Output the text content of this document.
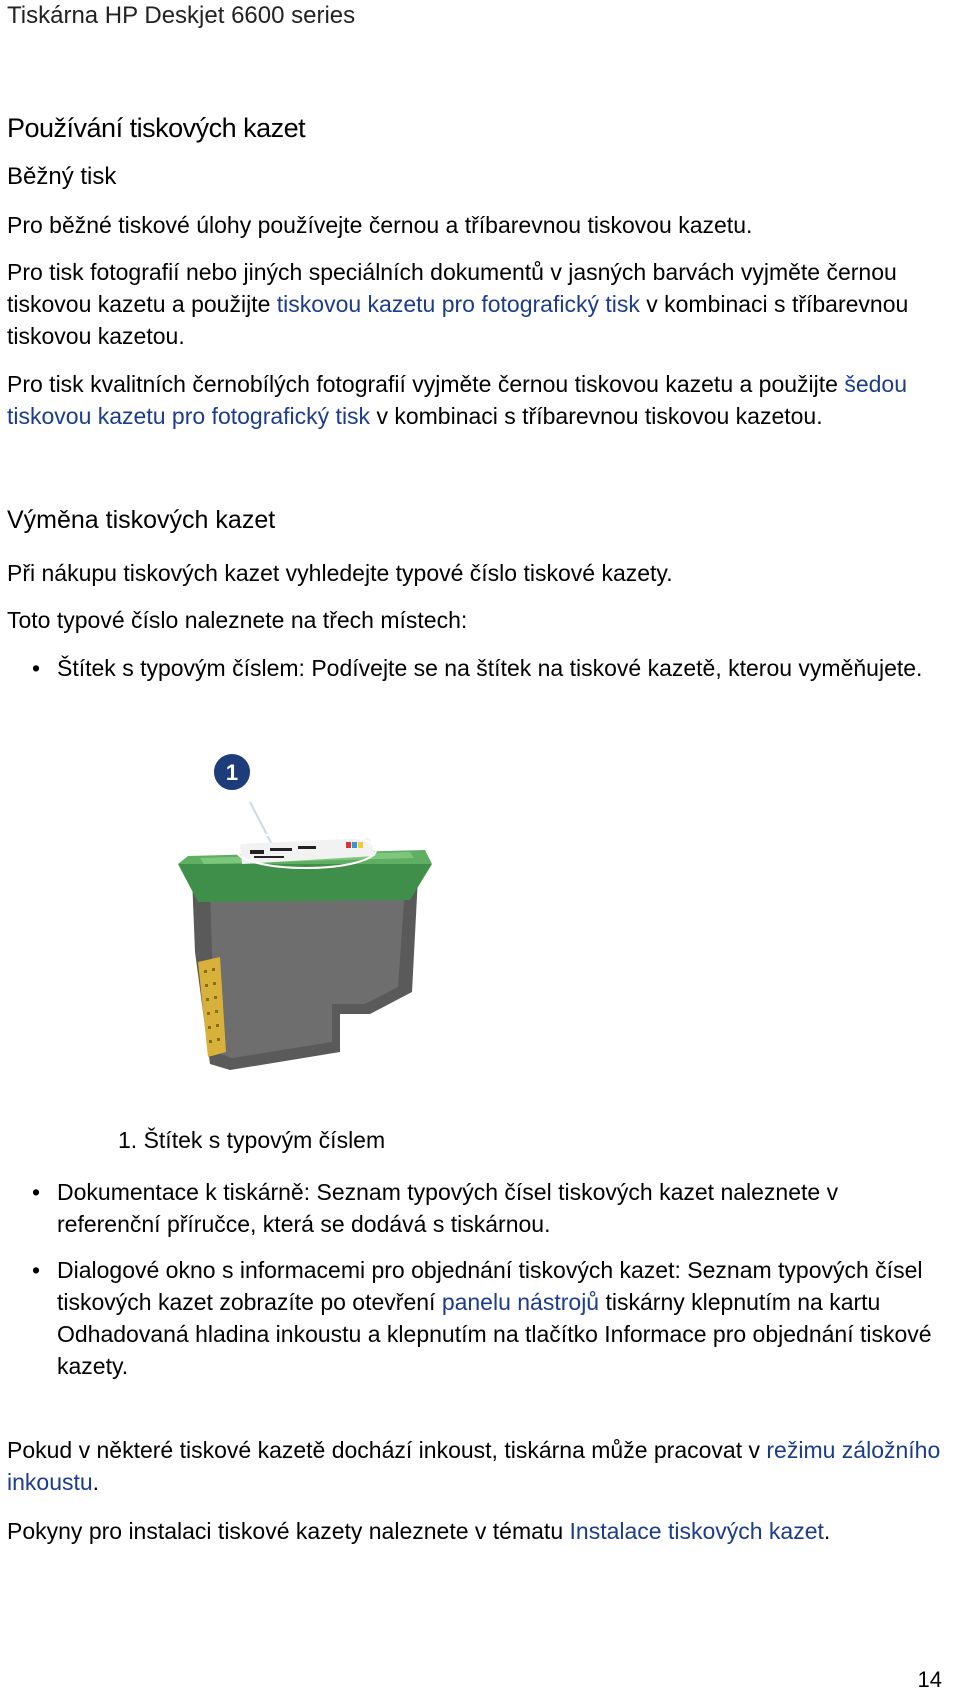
Tiskárna HP Deskjet 6600 series
Používání tiskových kazet
Běžný tisk
Pro běžné tiskové úlohy používejte černou a tříbarevnou tiskovou kazetu.
Pro tisk fotografií nebo jiných speciálních dokumentů v jasných barvách vyjměte černou tiskovou kazetu a použijte tiskovou kazetu pro fotografický tisk v kombinaci s tříbarevnou tiskovou kazetou.
Pro tisk kvalitních černobílých fotografií vyjměte černou tiskovou kazetu a použijte šedou tiskovou kazetu pro fotografický tisk v kombinaci s tříbarevnou tiskovou kazetou.
Výměna tiskových kazet
Při nákupu tiskových kazet vyhledejte typové číslo tiskové kazety.
Toto typové číslo naleznete na třech místech:
• Štítek s typovým číslem: Podívejte se na štítek na tiskové kazetě, kterou vyměňujete.
1
1. Štítek s typovým číslem
• Dokumentace k tiskárně: Seznam typových čísel tiskových kazet naleznete v referenční příručce, která se dodává s tiskárnou.
• Dialogové okno s informacemi pro objednání tiskových kazet: Seznam typových čísel tiskových kazet zobrazíte po otevření panelu nástrojů tiskárny klepnutím na kartu Odhadovaná hladina inkoustu a klepnutím na tlačítko Informace pro objednání tiskové kazety.
Pokud v některé tiskové kazetě dochází inkoust, tiskárna může pracovat v režimu záložního inkoustu.
Pokyny pro instalaci tiskové kazety naleznete v tématu Instalace tiskových kazet.
14
